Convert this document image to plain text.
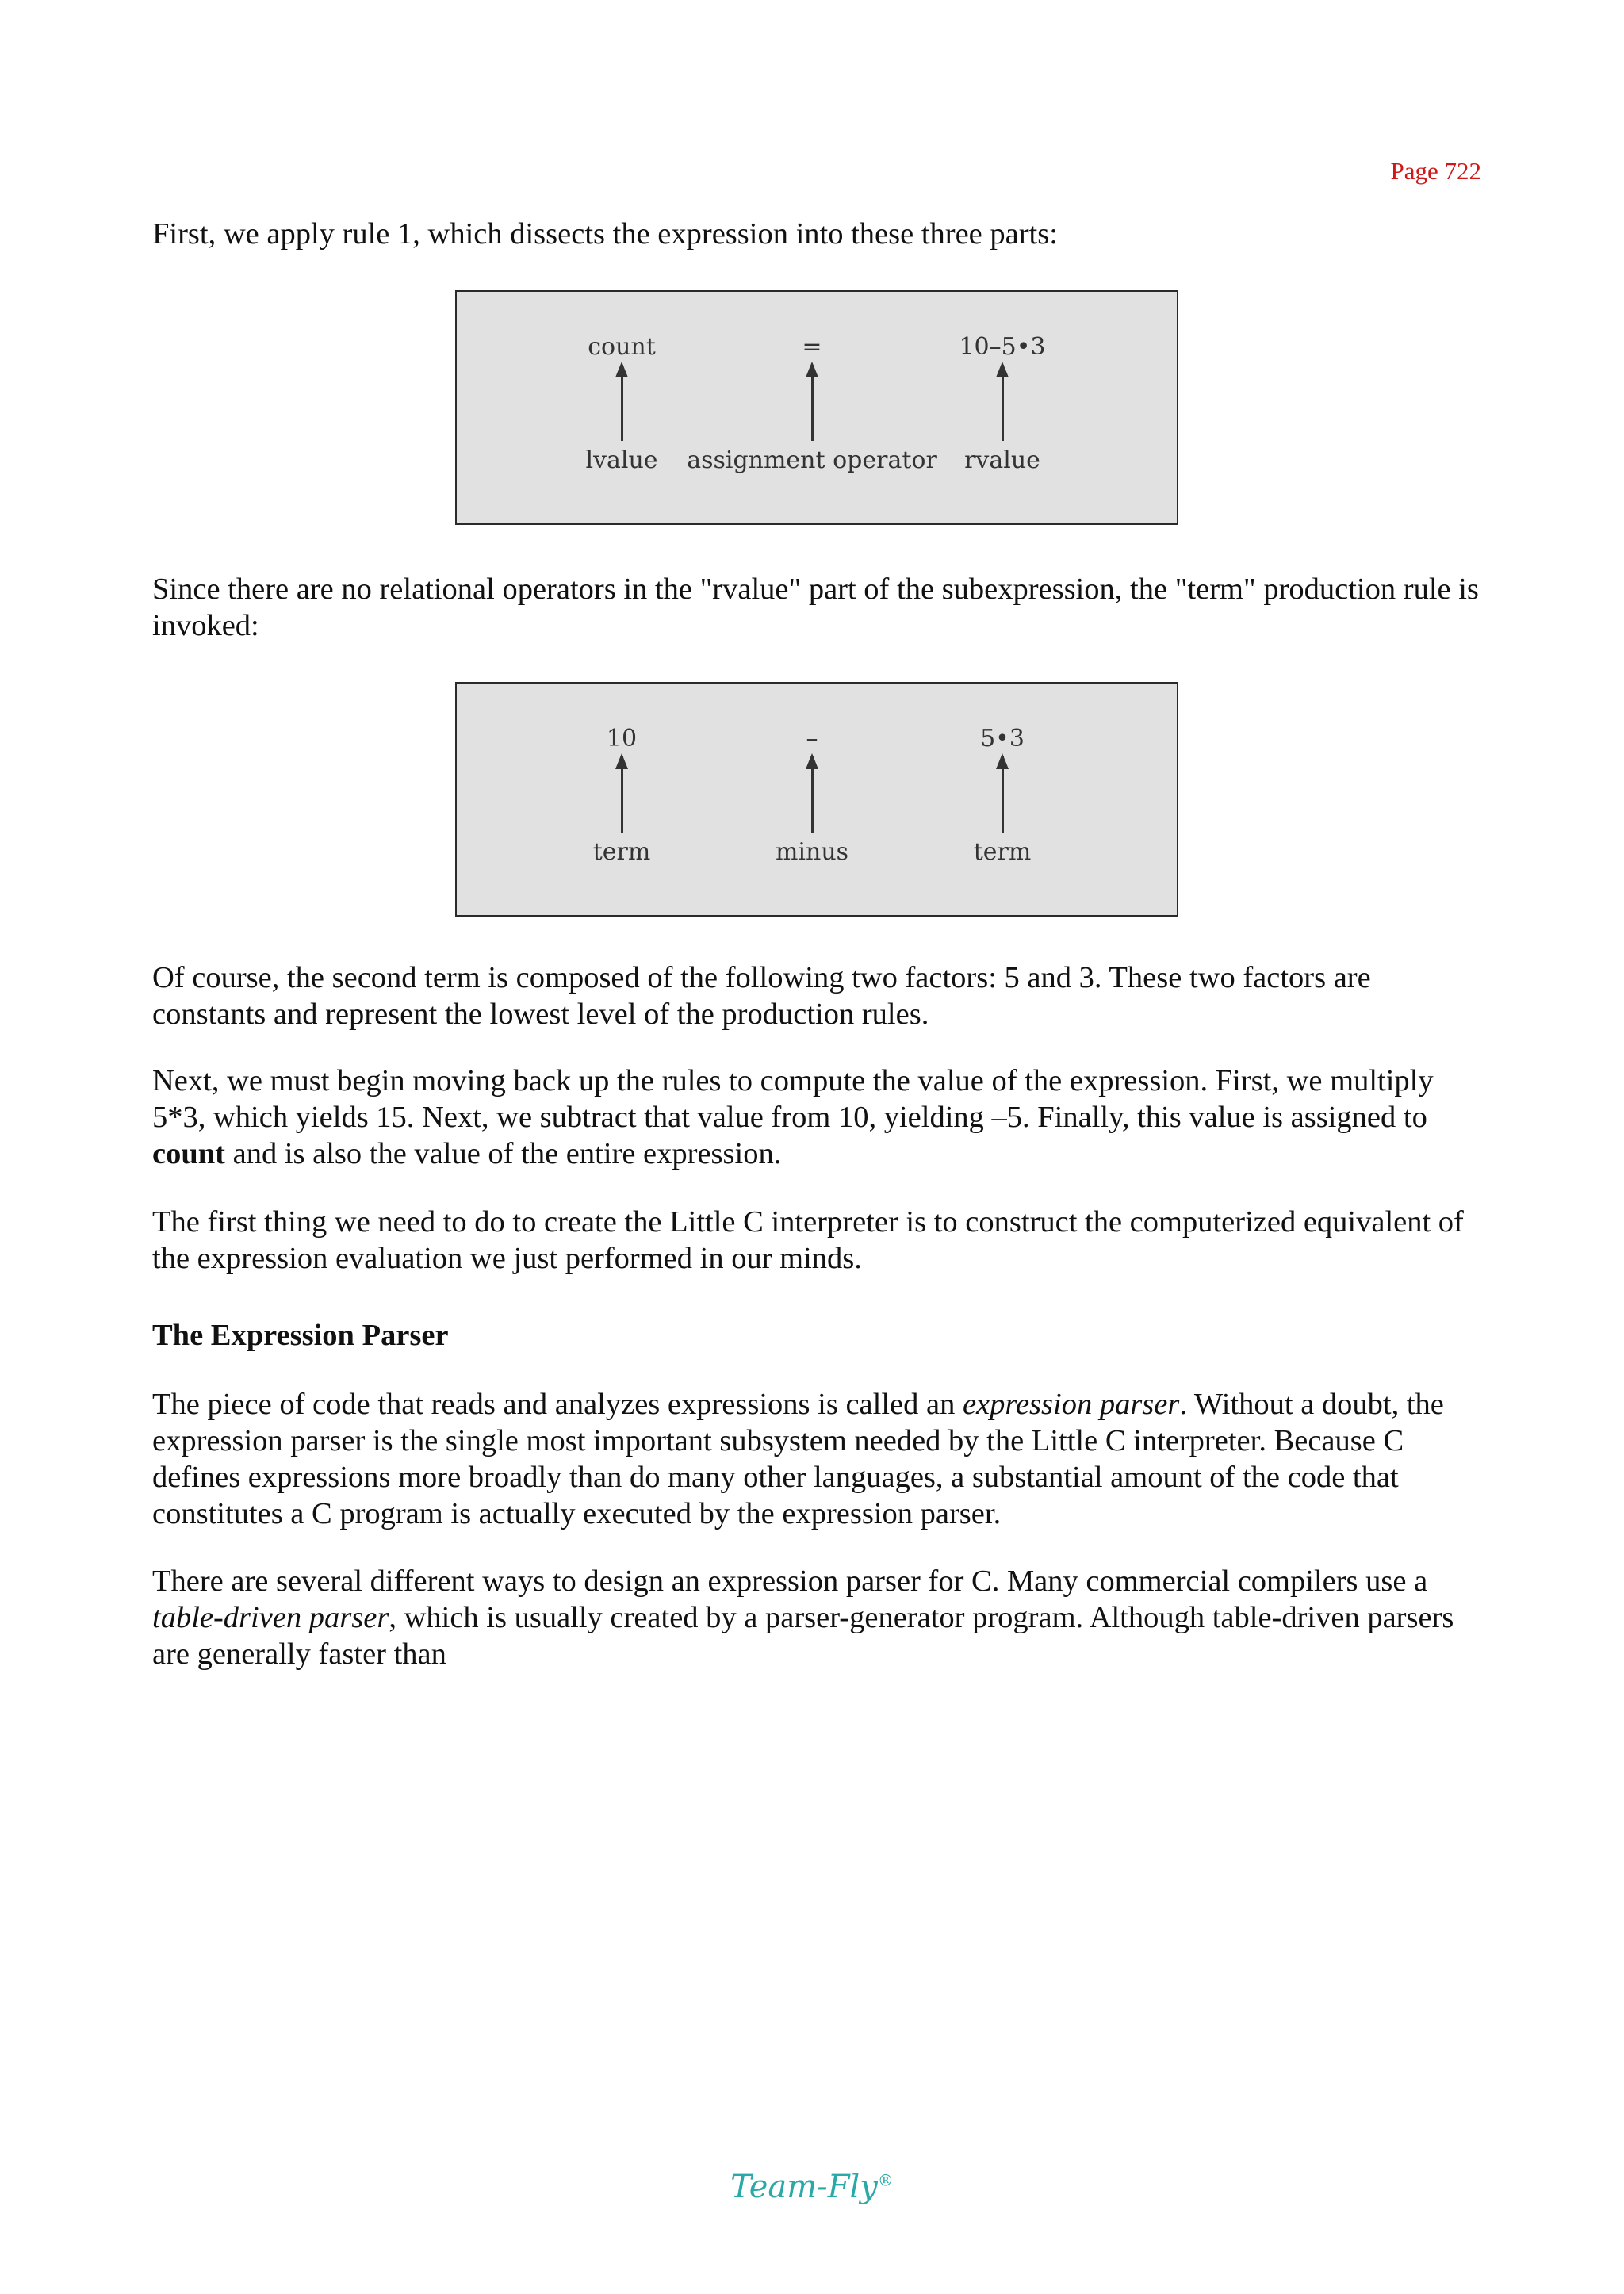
Page 722

First, we apply rule 1, which dissects the expression into these three parts:

count
lvalue
=
assignment operator
10–5•3
rvalue

Since there are no relational operators in the "rvalue" part of the subexpression, the "term" production rule is invoked:

10
term
–
minus
5•3
term

Of course, the second term is composed of the following two factors: 5 and 3. These two factors are constants and represent the lowest level of the production rules.

Next, we must begin moving back up the rules to compute the value of the expression. First, we multiply 5*3, which yields 15. Next, we subtract that value from 10, yielding –5. Finally, this value is assigned to count and is also the value of the entire expression.

The first thing we need to do to create the Little C interpreter is to construct the computerized equivalent of the expression evaluation we just performed in our minds.

The Expression Parser

The piece of code that reads and analyzes expressions is called an expression parser. Without a doubt, the expression parser is the single most important subsystem needed by the Little C interpreter. Because C defines expressions more broadly than do many other languages, a substantial amount of the code that constitutes a C program is actually executed by the expression parser.

There are several different ways to design an expression parser for C. Many commercial compilers use a table-driven parser, which is usually created by a parser-generator program. Although table-driven parsers are generally faster than

Team-Fly®
